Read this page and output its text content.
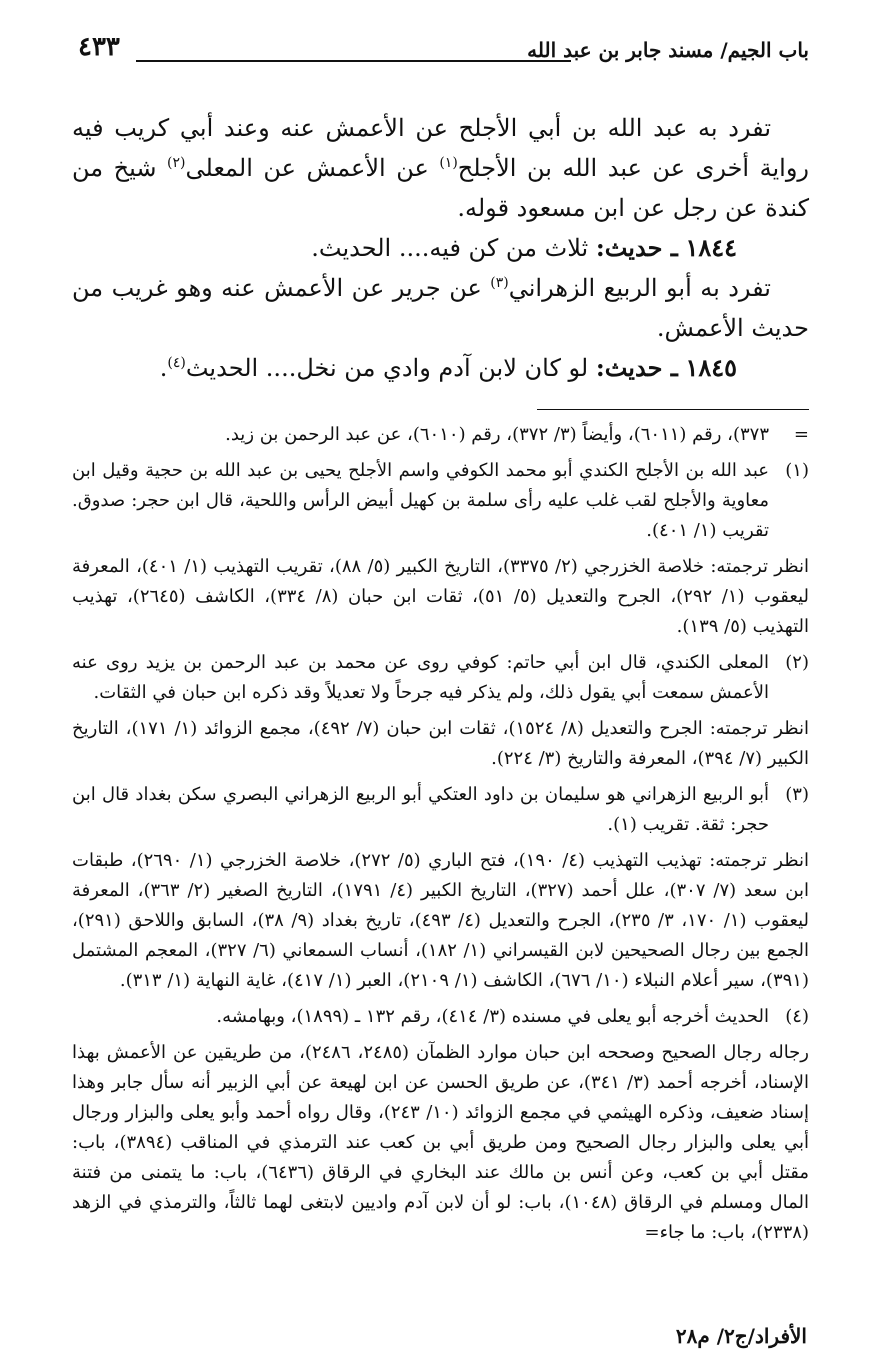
باب الجيم/ مسند جابر بن عبد الله
٤٣٣

تفرد به عبد الله بن أبي الأجلح عن الأعمش عنه وعند أبي كريب فيه رواية أخرى عن عبد الله بن الأجلح$^{(١)}$ عن الأعمش عن المعلى$^{(٢)}$ شيخ من كندة عن رجل عن ابن مسعود قوله.

١٨٤٤ ـ حديث: ثلاث من كن فيه.... الحديث.

تفرد به أبو الربيع الزهراني$^{(٣)}$ عن جرير عن الأعمش عنه وهو غريب من حديث الأعمش.

١٨٤٥ ـ حديث: لو كان لابن آدم وادي من نخل.... الحديث$^{(٤)}$.

=
٣٧٣)، رقم (٦٠١١)، وأيضاً (٣/ ٣٧٢)، رقم (٦٠١٠)، عن عبد الرحمن بن زيد.
(١)
عبد الله بن الأجلح الكندي أبو محمد الكوفي واسم الأجلح يحيى بن عبد الله بن حجية وقيل ابن معاوية والأجلح لقب غلب عليه رأى سلمة بن كهيل أبيض الرأس واللحية، قال ابن حجر: صدوق. تقريب (١/ ٤٠١).
انظر ترجمته: خلاصة الخزرجي (٢/ ٣٣٧٥)، التاريخ الكبير (٥/ ٨٨)، تقريب التهذيب (١/ ٤٠١)، المعرفة ليعقوب (١/ ٢٩٢)، الجرح والتعديل (٥/ ٥١)، ثقات ابن حبان (٨/ ٣٣٤)، الكاشف (٢٦٤٥)، تهذيب التهذيب (٥/ ١٣٩).
(٢)
المعلى الكندي، قال ابن أبي حاتم: كوفي روى عن محمد بن عبد الرحمن بن يزيد روى عنه الأعمش سمعت أبي يقول ذلك، ولم يذكر فيه جرحاً ولا تعديلاً وقد ذكره ابن حبان في الثقات.
انظر ترجمته: الجرح والتعديل (٨/ ١٥٢٤)، ثقات ابن حبان (٧/ ٤٩٢)، مجمع الزوائد (١/ ١٧١)، التاريخ الكبير (٧/ ٣٩٤)، المعرفة والتاريخ (٣/ ٢٢٤).
(٣)
أبو الربيع الزهراني هو سليمان بن داود العتكي أبو الربيع الزهراني البصري سكن بغداد قال ابن حجر: ثقة. تقريب (١).
انظر ترجمته: تهذيب التهذيب (٤/ ١٩٠)، فتح الباري (٥/ ٢٧٢)، خلاصة الخزرجي (١/ ٢٦٩٠)، طبقات ابن سعد (٧/ ٣٠٧)، علل أحمد (٣٢٧)، التاريخ الكبير (٤/ ١٧٩١)، التاريخ الصغير (٢/ ٣٦٣)، المعرفة ليعقوب (١/ ١٧٠، ٣/ ٢٣٥)، الجرح والتعديل (٤/ ٤٩٣)، تاريخ بغداد (٩/ ٣٨)، السابق واللاحق (٢٩١)، الجمع بين رجال الصحيحين لابن القيسراني (١/ ١٨٢)، أنساب السمعاني (٦/ ٣٢٧)، المعجم المشتمل (٣٩١)، سير أعلام النبلاء (١٠/ ٦٧٦)، الكاشف (١/ ٢١٠٩)، العبر (١/ ٤١٧)، غاية النهاية (١/ ٣١٣).
(٤)
الحديث أخرجه أبو يعلى في مسنده (٣/ ٤١٤)، رقم ١٣٢ ـ (١٨٩٩)، وبهامشه.
رجاله رجال الصحيح وصححه ابن حبان موارد الظمآن (٢٤٨٥، ٢٤٨٦)، من طريقين عن الأعمش بهذا الإسناد، أخرجه أحمد (٣/ ٣٤١)، عن طريق الحسن عن ابن لهيعة عن أبي الزبير أنه سأل جابر وهذا إسناد ضعيف، وذكره الهيثمي في مجمع الزوائد (١٠/ ٢٤٣)، وقال رواه أحمد وأبو يعلى والبزار ورجال أبي يعلى والبزار رجال الصحيح ومن طريق أبي بن كعب عند الترمذي في المناقب (٣٨٩٤)، باب: مقتل أبي بن كعب، وعن أنس بن مالك عند البخاري في الرقاق (٦٤٣٦)، باب: ما يتمنى من فتنة المال ومسلم في الرقاق (١٠٤٨)، باب: لو أن لابن آدم واديين لابتغى لهما ثالثاً، والترمذي في الزهد (٢٣٣٨)، باب: ما جاء=
الأفراد/ج٢/ م٢٨
